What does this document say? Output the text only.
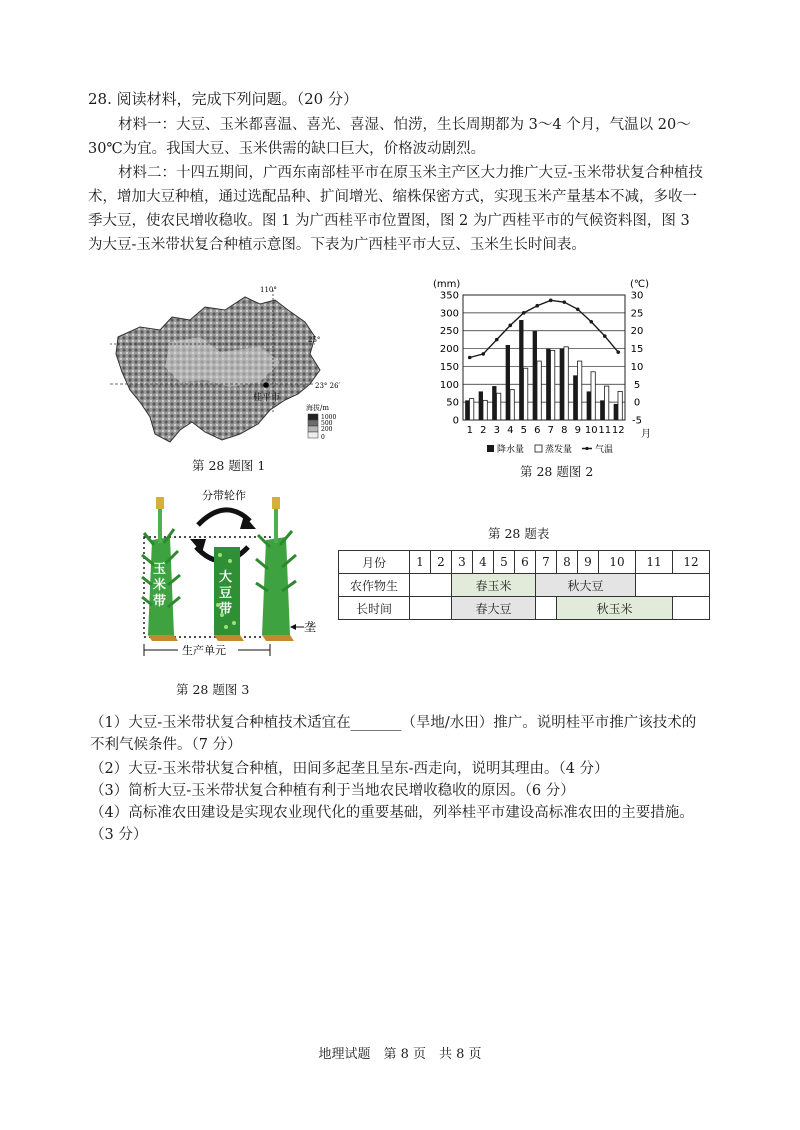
28. 阅读材料，完成下列问题。（20 分）
材料一：大豆、玉米都喜温、喜光、喜湿、怕涝，生长周期都为 3～4 个月，气温以 20～30℃为宜。我国大豆、玉米供需的缺口巨大，价格波动剧烈。
材料二：十四五期间，广西东南部桂平市在原玉米主产区大力推广大豆-玉米带状复合种植技术，增加大豆种植，通过选配品种、扩间增光、缩株保密方式，实现玉米产量基本不减，多收一季大豆，使农民增收稳收。图 1 为广西桂平市位置图，图 2 为广西桂平市的气候资料图，图 3 为大豆-玉米带状复合种植示意图。下表为广西桂平市大豆、玉米生长时间表。
110°
25°
23° 26′
桂平市
海拔/m
1000
500
200
0
第 28 题图 1
(mm)	(℃)
0
50
100
150
200
250
300
350
-5
0
5
10
15
20
25
30
1 2 3 4 5 6 7 8 9 10 11 12 月
降水量 蒸发量	气温
第 28 题图 2
分带轮作
玉
米
带
大
豆
带
垄
生产单元
第 28 题图 3
第 28 题表
月份	1	2	3	4	5	6	7	8	9	10	11	12
农作物生			春玉米				秋大豆					
长时间			春大豆					秋玉米				
（1）大豆-玉米带状复合种植技术适宜在_______（旱地/水田）推广。说明桂平市推广该技术的不利气候条件。（7 分）
（2）大豆-玉米带状复合种植，田间多起垄且呈东-西走向，说明其理由。（4 分）
（3）简析大豆-玉米带状复合种植有利于当地农民增收稳收的原因。（6 分）
（4）高标准农田建设是实现农业现代化的重要基础，列举桂平市建设高标准农田的主要措施。（3 分）
地理试题　第 8 页　共 8 页
